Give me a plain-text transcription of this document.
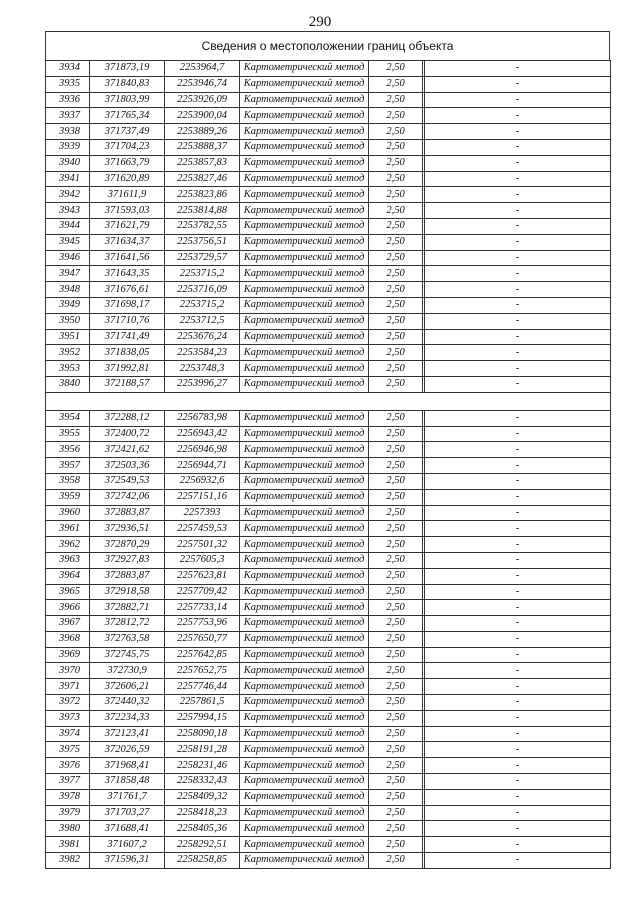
290
Сведения о местоположении границ объекта
3934	371873,19	2253964,7	Картометрический метод	2,50		-
3935	371840,83	2253946,74	Картометрический метод	2,50		-
3936	371803,99	2253926,09	Картометрический метод	2,50		-
3937	371765,34	2253900,04	Картометрический метод	2,50		-
3938	371737,49	2253889,26	Картометрический метод	2,50		-
3939	371704,23	2253888,37	Картометрический метод	2,50		-
3940	371663,79	2253857,83	Картометрический метод	2,50		-
3941	371620,89	2253827,46	Картометрический метод	2,50		-
3942	371611,9	2253823,86	Картометрический метод	2,50		-
3943	371593,03	2253814,88	Картометрический метод	2,50		-
3944	371621,79	2253782,55	Картометрический метод	2,50		-
3945	371634,37	2253756,51	Картометрический метод	2,50		-
3946	371641,56	2253729,57	Картометрический метод	2,50		-
3947	371643,35	2253715,2	Картометрический метод	2,50		-
3948	371676,61	2253716,09	Картометрический метод	2,50		-
3949	371698,17	2253715,2	Картометрический метод	2,50		-
3950	371710,76	2253712,5	Картометрический метод	2,50		-
3951	371741,49	2253676,24	Картометрический метод	2,50		-
3952	371838,05	2253584,23	Картометрический метод	2,50		-
3953	371992,81	2253748,3	Картометрический метод	2,50		-
3840	372188,57	2253996,27	Картометрический метод	2,50		-

3954	372288,12	2256783,98	Картометрический метод	2,50		-
3955	372400,72	2256943,42	Картометрический метод	2,50		-
3956	372421,62	2256946,98	Картометрический метод	2,50		-
3957	372503,36	2256944,71	Картометрический метод	2,50		-
3958	372549,53	2256932,6	Картометрический метод	2,50		-
3959	372742,06	2257151,16	Картометрический метод	2,50		-
3960	372883,87	2257393	Картометрический метод	2,50		-
3961	372936,51	2257459,53	Картометрический метод	2,50		-
3962	372870,29	2257501,32	Картометрический метод	2,50		-
3963	372927,83	2257605,3	Картометрический метод	2,50		-
3964	372883,87	2257623,81	Картометрический метод	2,50		-
3965	372918,58	2257709,42	Картометрический метод	2,50		-
3966	372882,71	2257733,14	Картометрический метод	2,50		-
3967	372812,72	2257753,96	Картометрический метод	2,50		-
3968	372763,58	2257650,77	Картометрический метод	2,50		-
3969	372745,75	2257642,85	Картометрический метод	2,50		-
3970	372730,9	2257652,75	Картометрический метод	2,50		-
3971	372606,21	2257746,44	Картометрический метод	2,50		-
3972	372440,32	2257861,5	Картометрический метод	2,50		-
3973	372234,33	2257994,15	Картометрический метод	2,50		-
3974	372123,41	2258090,18	Картометрический метод	2,50		-
3975	372026,59	2258191,28	Картометрический метод	2,50		-
3976	371968,41	2258231,46	Картометрический метод	2,50		-
3977	371858,48	2258332,43	Картометрический метод	2,50		-
3978	371761,7	2258409,32	Картометрический метод	2,50		-
3979	371703,27	2258418,23	Картометрический метод	2,50		-
3980	371688,41	2258405,36	Картометрический метод	2,50		-
3981	371607,2	2258292,51	Картометрический метод	2,50		-
3982	371596,31	2258258,85	Картометрический метод	2,50		-
